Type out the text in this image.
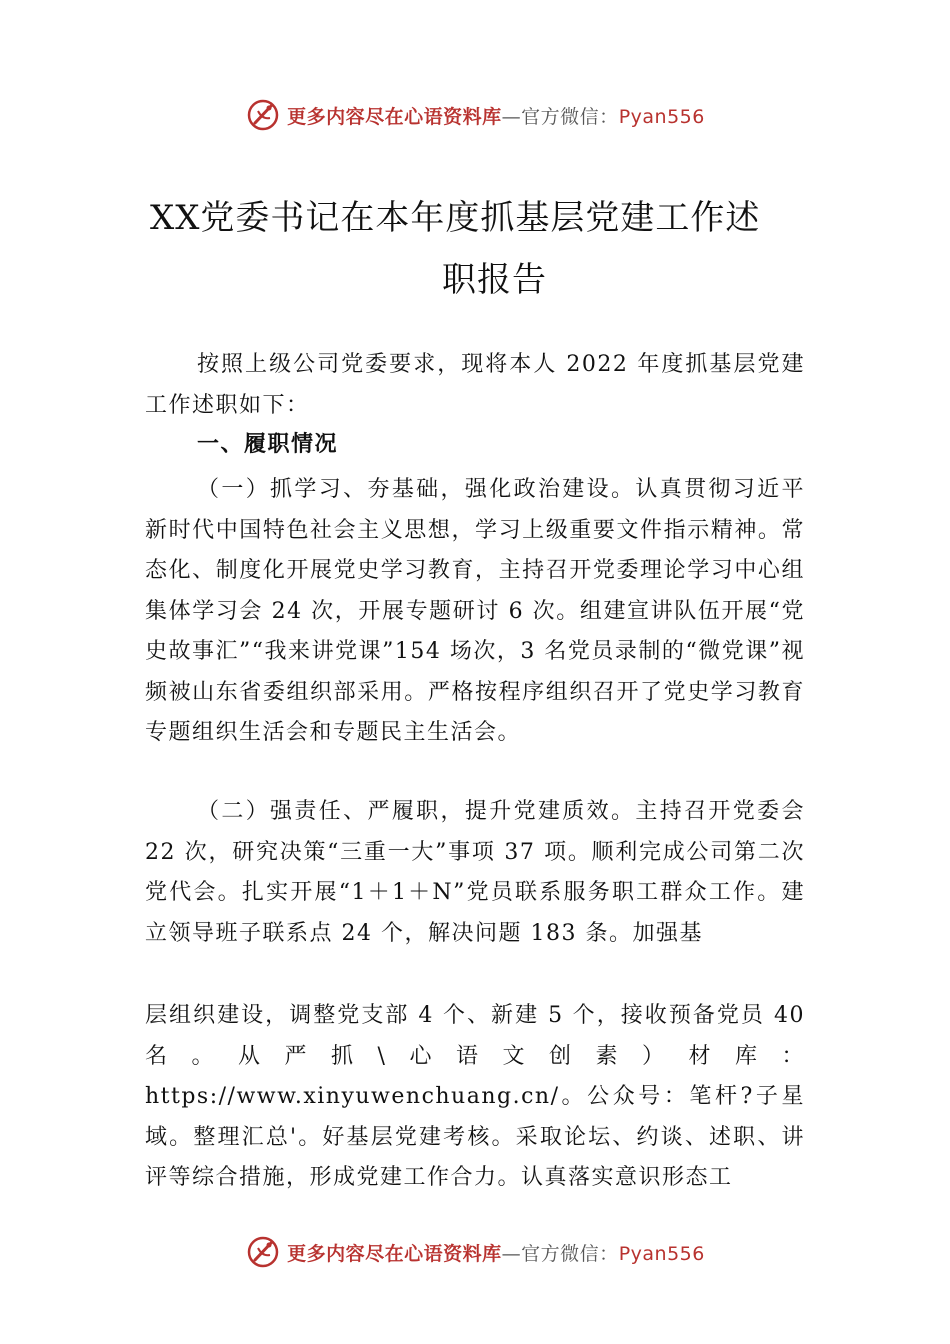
更多内容尽在心语资料库—官方微信：Pyan556
XX党委书记在本年度抓基层党建工作述
职报告

按照上级公司党委要求，现将本人 2022 年度抓基层党建工作述职如下：

一、履职情况

（一）抓学习、夯基础，强化政治建设。认真贯彻习近平新时代中国特色社会主义思想，学习上级重要文件指示精神。常态化、制度化开展党史学习教育，主持召开党委理论学习中心组集体学习会 24 次，开展专题研讨 6 次。组建宣讲队伍开展“党史故事汇”“我来讲党课”154 场次，3 名党员录制的“微党课”视频被山东省委组织部采用。严格按程序组织召开了党史学习教育专题组织生活会和专题民主生活会。

（二）强责任、严履职，提升党建质效。主持召开党委会 22 次，研究决策“三重一大”事项 37 项。顺利完成公司第二次党代会。扎实开展“1＋1＋N”党员联系服务职工群众工作。建立领导班子联系点 24 个，解决问题 183 条。加强基

层组织建设，调整党支部 4 个、新建 5 个，接收预备党员 40 名。从严抓\心语文创素）材库：https://www.xinyuwenchuang.cn/。公众号：笔杆?子星域。整理汇总'。好基层党建考核。采取论坛、约谈、述职、讲评等综合措施，形成党建工作合力。认真落实意识形态工

更多内容尽在心语资料库—官方微信：Pyan556
